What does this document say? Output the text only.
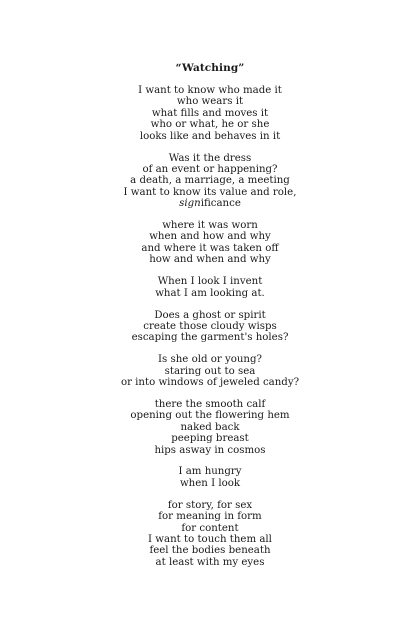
“Watching”
I want to know who made it
who wears it
what fills and moves it
who or what, he or she
looks like and behaves in it
Was it the dress
of an event or happening?
a death, a marriage, a meeting
I want to know its value and role,
significance
where it was worn
when and how and why
and where it was taken off
how and when and why
When I look I invent
what I am looking at.
Does a ghost or spirit
create those cloudy wisps
escaping the garment's holes?
Is she old or young?
staring out to sea
or into windows of jeweled candy?
there the smooth calf
opening out the flowering hem
naked back
peeping breast
hips asway in cosmos
I am hungry
when I look
for story, for sex
for meaning in form
for content
I want to touch them all
feel the bodies beneath
at least with my eyes
